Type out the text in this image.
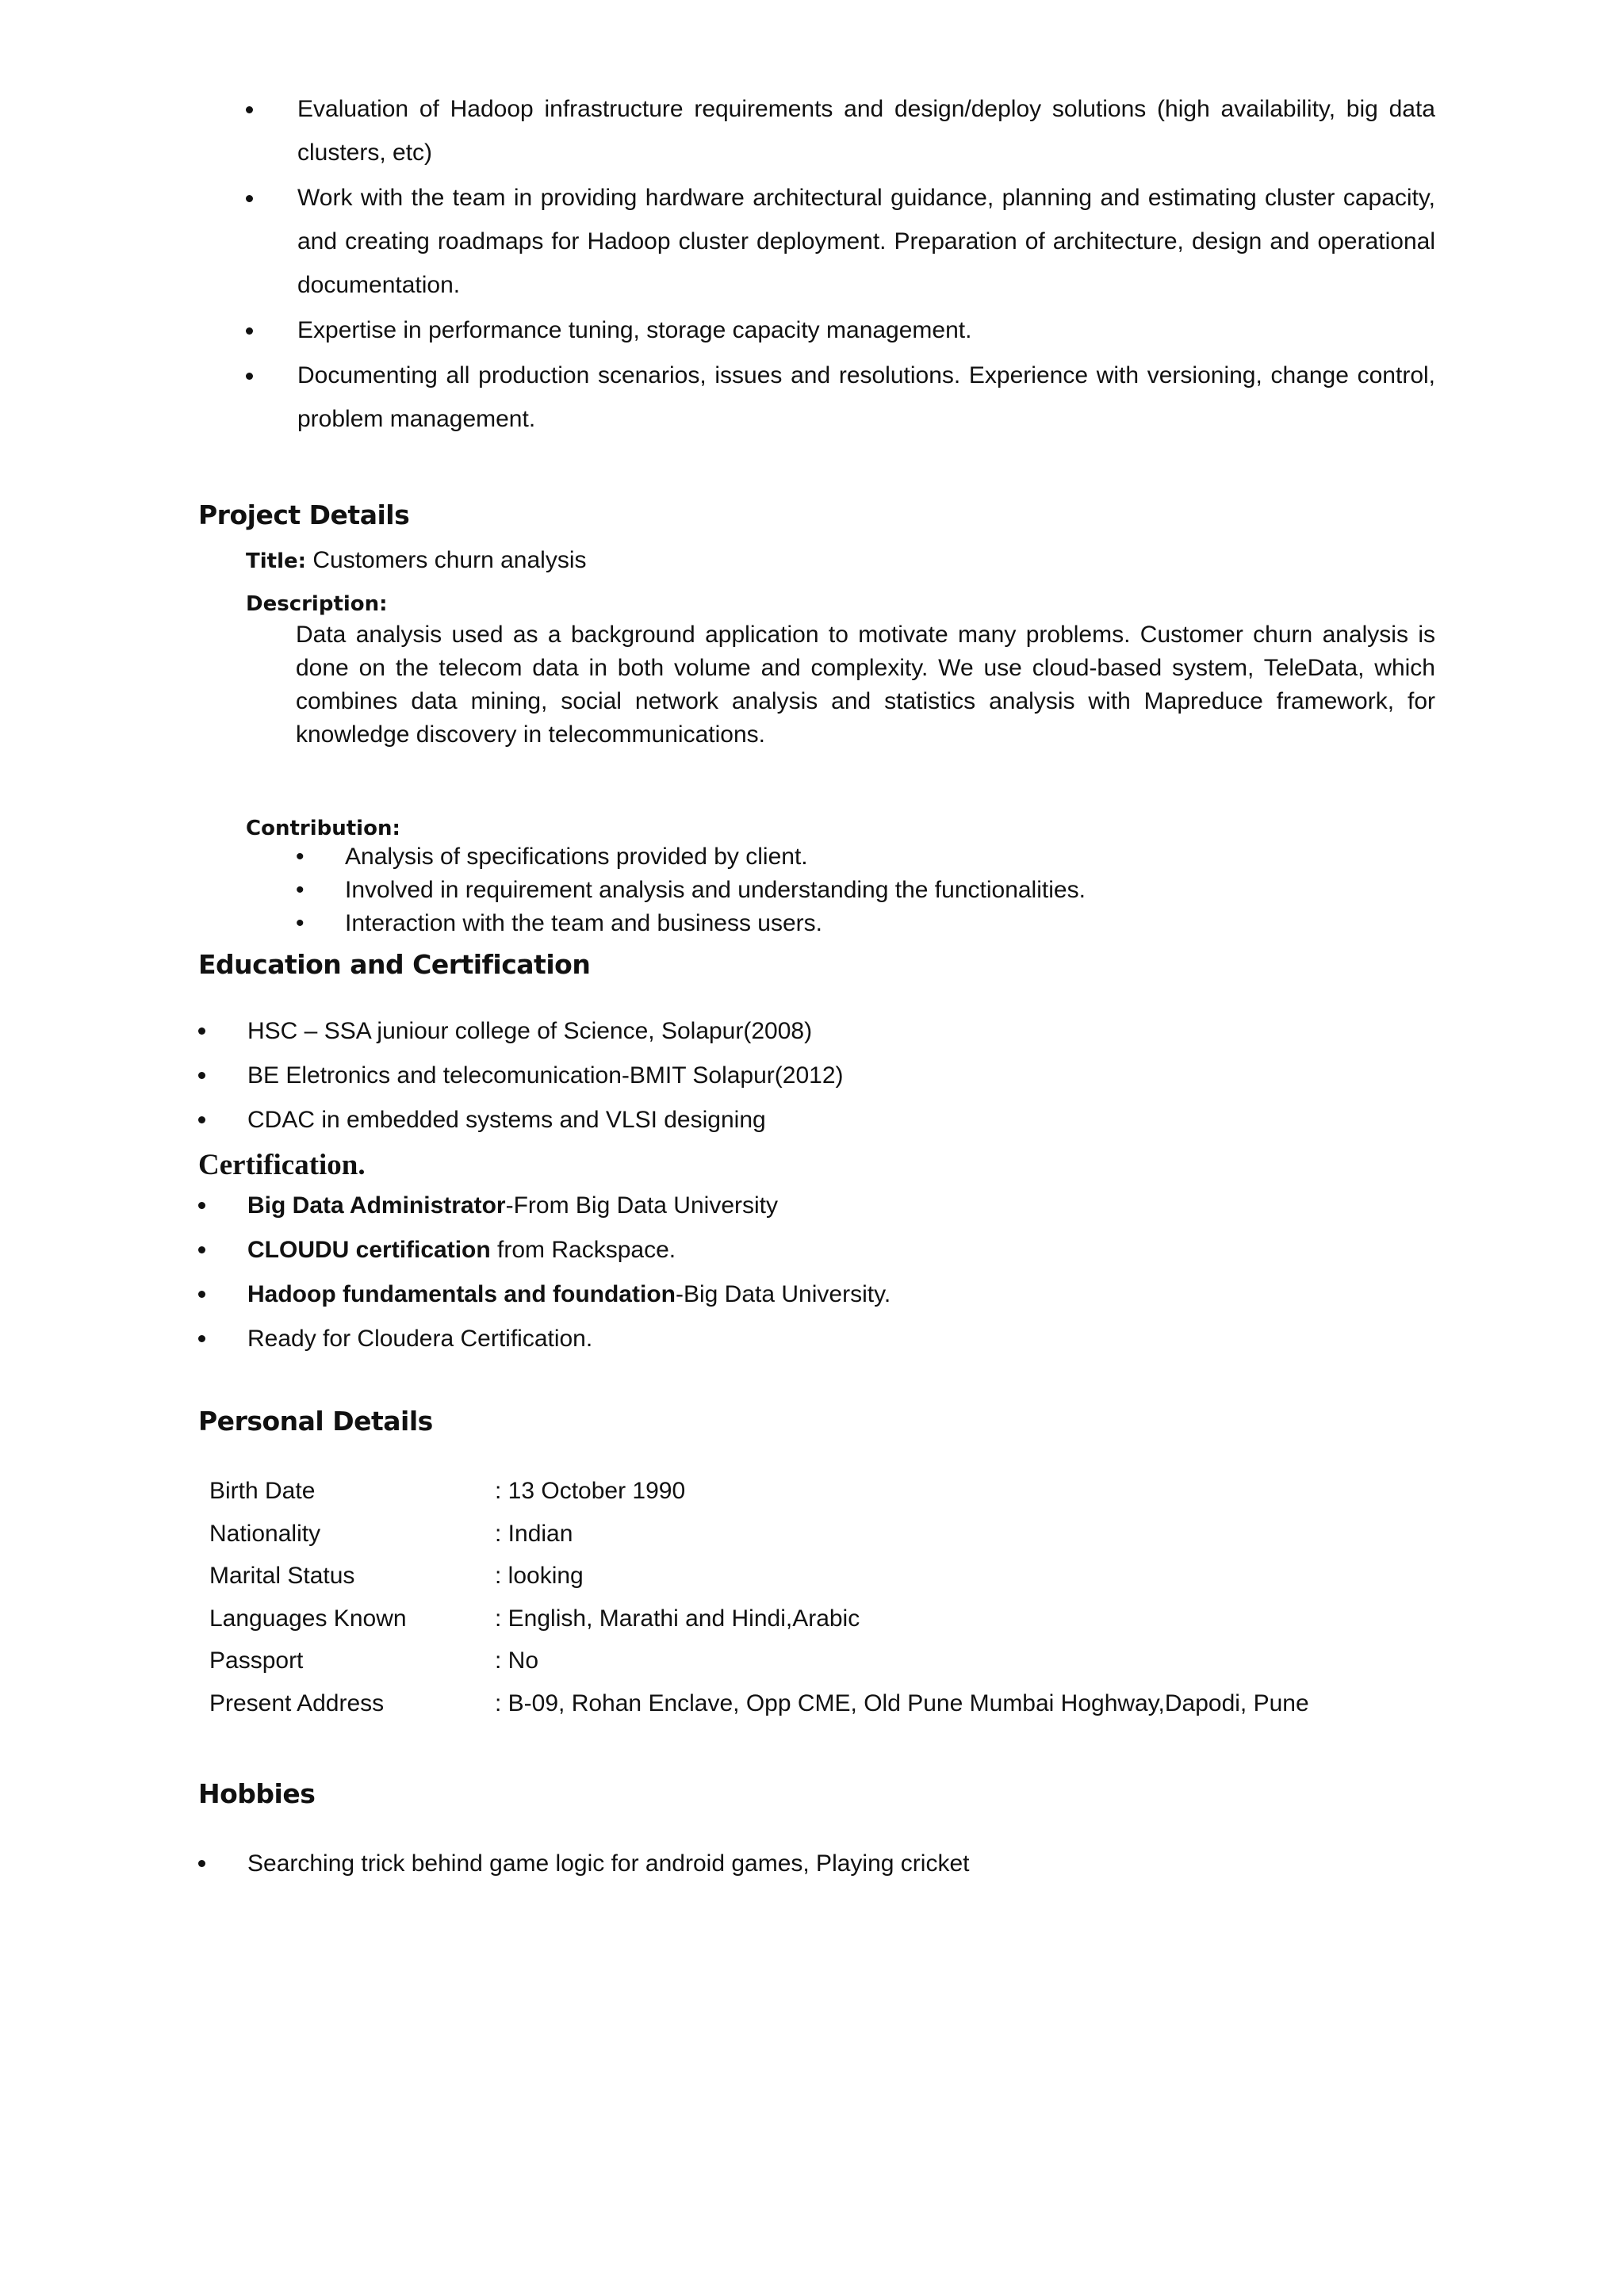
Evaluation of Hadoop infrastructure requirements and design/deploy solutions (high availability, big data clusters, etc)
Work with the team in providing hardware architectural guidance, planning and estimating cluster capacity, and creating roadmaps for Hadoop cluster deployment. Preparation of architecture, design and operational documentation.
Expertise in performance tuning, storage capacity management.
Documenting all production scenarios, issues and resolutions. Experience with versioning, change control, problem management.
Project Details
Title: Customers churn analysis
Description:
Data analysis used as a background application to motivate many problems. Customer churn analysis is done on the telecom data in both volume and complexity. We use cloud-based system, TeleData, which combines data mining, social network analysis and statistics analysis with Mapreduce framework, for knowledge discovery in telecommunications.
Contribution:
• Analysis of specifications provided by client.
• Involved in requirement analysis and understanding the functionalities.
• Interaction with the team and business users.
Education and Certification
HSC – SSA juniour college of Science, Solapur(2008)
BE Eletronics and telecomunication-BMIT Solapur(2012)
CDAC in embedded systems and VLSI designing
Certification.
Big Data Administrator-From Big Data University
CLOUDU certification from Rackspace.
Hadoop fundamentals and foundation-Big Data University.
Ready for Cloudera Certification.
Personal Details
Birth Date	: 13 October 1990
Nationality	: Indian
Marital Status	: looking
Languages Known	: English, Marathi and Hindi,Arabic
Passport	: No
Present Address	: B-09, Rohan Enclave, Opp CME, Old Pune Mumbai Hoghway,Dapodi, Pune
Hobbies
Searching trick behind game logic for android games, Playing cricket
